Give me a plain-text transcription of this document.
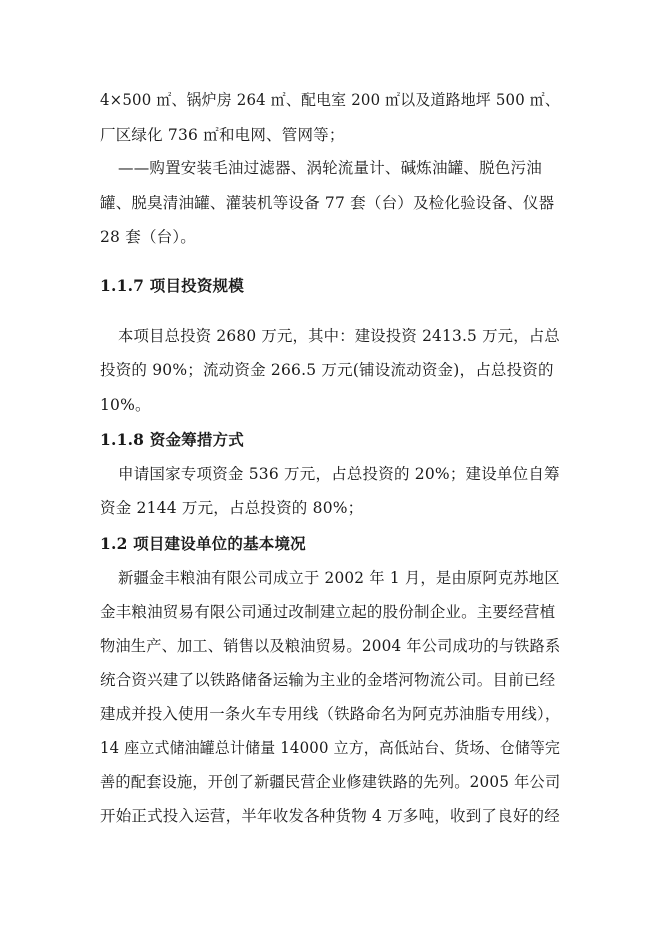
4×500 ㎡、锅炉房 264 ㎡、配电室 200 ㎡以及道路地坪 500 ㎡、
厂区绿化 736 ㎡和电网、管网等；
——购置安装毛油过滤器、涡轮流量计、碱炼油罐、脱色污油
罐、脱臭清油罐、灌装机等设备 77 套（台）及检化验设备、仪器
28 套（台）。
1.1.7 项目投资规模
本项目总投资 2680 万元，其中：建设投资 2413.5 万元，占总
投资的 90%；流动资金 266.5 万元(铺设流动资金)，占总投资的
10%。
1.1.8 资金筹措方式
申请国家专项资金 536 万元，占总投资的 20%；建设单位自筹
资金 2144 万元，占总投资的 80%；
1.2 项目建设单位的基本境况
新疆金丰粮油有限公司成立于 2002 年 1 月，是由原阿克苏地区
金丰粮油贸易有限公司通过改制建立起的股份制企业。主要经营植
物油生产、加工、销售以及粮油贸易。2004 年公司成功的与铁路系
统合资兴建了以铁路储备运输为主业的金塔河物流公司。目前已经
建成并投入使用一条火车专用线（铁路命名为阿克苏油脂专用线），
14 座立式储油罐总计储量 14000 立方，高低站台、货场、仓储等完
善的配套设施，开创了新疆民营企业修建铁路的先列。2005 年公司
开始正式投入运营，半年收发各种货物 4 万多吨，收到了良好的经
